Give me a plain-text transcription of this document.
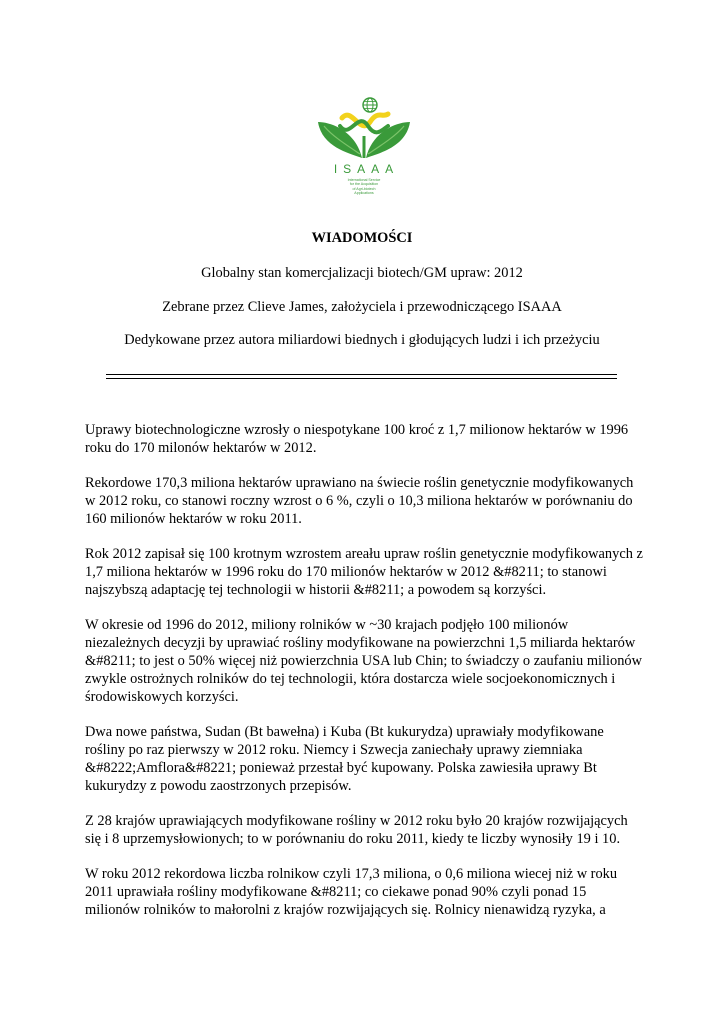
ISAAA
International Service
for the Acquisition
of Agri-biotech
Applications
WIADOMOŚCI
Globalny stan komercjalizacji biotech/GM upraw: 2012
Zebrane przez Clieve James, założyciela i przewodniczącego ISAAA
Dedykowane przez autora miliardowi biednych i głodujących ludzi i ich przeżyciu

Uprawy biotechnologiczne wzrosły o niespotykane 100 kroć z 1,7 milionow hektarów w 1996 roku do 170 milonów hektarów w 2012.

Rekordowe 170,3 miliona hektarów uprawiano na świecie roślin genetycznie modyfikowanych w 2012 roku, co stanowi roczny wzrost o 6 %, czyli o 10,3 miliona hektarów w porównaniu do 160 milionów hektarów w roku 2011.

Rok 2012 zapisał się 100 krotnym wzrostem areału upraw roślin genetycznie modyfikowanych z 1,7 miliona hektarów w 1996 roku do 170 milionów hektarów w 2012 &#8211; to stanowi najszybszą adaptację tej technologii w historii &#8211; a powodem są korzyści.

W okresie od 1996 do 2012, miliony rolników w ~30 krajach podjęło 100 milionów niezależnych decyzji by uprawiać rośliny modyfikowane na powierzchni 1,5 miliarda hektarów &#8211; to jest o 50% więcej niż powierzchnia USA lub Chin; to świadczy o zaufaniu milionów zwykle ostrożnych rolników do tej technologii, która dostarcza wiele socjoekonomicznych i środowiskowych korzyści.

Dwa nowe państwa, Sudan (Bt bawełna) i Kuba (Bt kukurydza) uprawiały modyfikowane rośliny po raz pierwszy w 2012 roku. Niemcy i Szwecja zaniechały uprawy ziemniaka &#8222;Amflora&#8221; ponieważ przestał być kupowany. Polska zawiesiła uprawy Bt kukurydzy z powodu zaostrzonych przepisów.

Z 28 krajów uprawiających modyfikowane rośliny w 2012 roku było 20 krajów rozwijających się i 8 uprzemysłowionych; to w porównaniu do roku 2011, kiedy te liczby wynosiły 19 i 10.

W roku 2012 rekordowa liczba rolnikow czyli 17,3 miliona, o 0,6 miliona wiecej niż w roku 2011 uprawiała rośliny modyfikowane &#8211; co ciekawe ponad 90% czyli ponad 15 milionów rolników to małorolni z krajów rozwijających się. Rolnicy nienawidzą ryzyka, a
